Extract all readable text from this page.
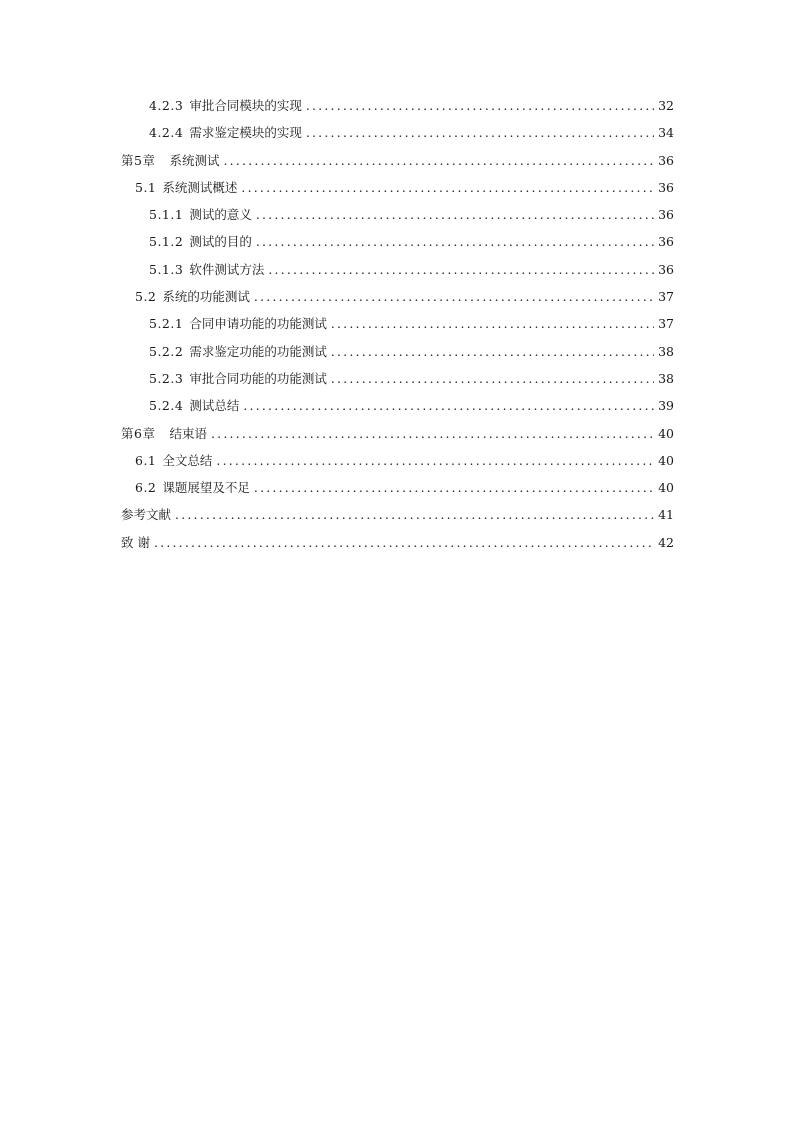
4.2.3 审批合同模块的实现 .....	32
4.2.4 需求鉴定模块的实现 .....	34
第5章 系统测试 .....	36
5.1 系统测试概述 .....	36
5.1.1 测试的意义 .....	36
5.1.2 测试的目的 .....	36
5.1.3 软件测试方法 .....	36
5.2 系统的功能测试 .....	37
5.2.1 合同申请功能的功能测试 .....	37
5.2.2 需求鉴定功能的功能测试 .....	38
5.2.3 审批合同功能的功能测试 .....	38
5.2.4 测试总结 .....	39
第6章 结束语 .....	40
6.1 全文总结 .....	40
6.2 课题展望及不足 .....	40
参考文献 .....	41
致 谢 .....	42
